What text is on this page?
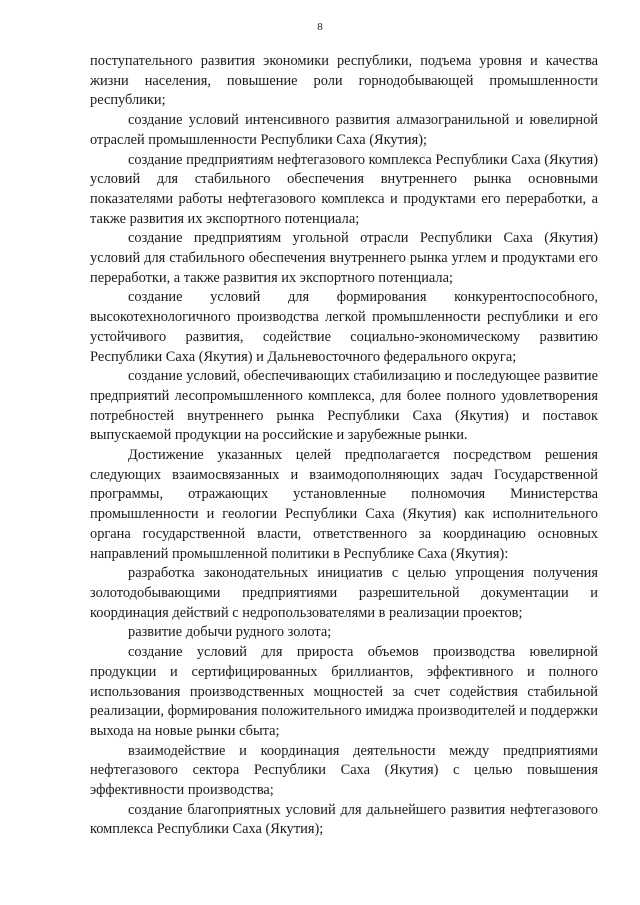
8

поступательного развития экономики республики, подъема уровня и качества жизни населения, повышение роли горнодобывающей промышленности республики;

создание условий интенсивного развития алмазогранильной и ювелирной отраслей промышленности Республики Саха (Якутия);

создание предприятиям нефтегазового комплекса Республики Саха (Якутия) условий для стабильного обеспечения внутреннего рынка основными показателями работы нефтегазового комплекса и продуктами его переработки, а также развития их экспортного потенциала;

создание предприятиям угольной отрасли Республики Саха (Якутия) условий для стабильного обеспечения внутреннего рынка углем и продуктами его переработки, а также развития их экспортного потенциала;

создание условий для формирования конкурентоспособного, высокотехнологичного производства легкой промышленности республики и его устойчивого развития, содействие социально-экономическому развитию Республики Саха (Якутия) и Дальневосточного федерального округа;

создание условий, обеспечивающих стабилизацию и последующее развитие предприятий лесопромышленного комплекса, для более полного удовлетворения потребностей внутреннего рынка Республики Саха (Якутия) и поставок выпускаемой продукции на российские и зарубежные рынки.

Достижение указанных целей предполагается посредством решения следующих взаимосвязанных и взаимодополняющих задач Государственной программы, отражающих установленные полномочия Министерства промышленности и геологии Республики Саха (Якутия) как исполнительного органа государственной власти, ответственного за координацию основных направлений промышленной политики в Республике Саха (Якутия):

разработка законодательных инициатив с целью упрощения получения золотодобывающими предприятиями разрешительной документации и координация действий с недропользователями в реализации проектов;

развитие добычи рудного золота;

создание условий для прироста объемов производства ювелирной продукции и сертифицированных бриллиантов, эффективного и полного использования производственных мощностей за счет содействия стабильной реализации, формирования положительного имиджа производителей и поддержки выхода на новые рынки сбыта;

взаимодействие и координация деятельности между предприятиями нефтегазового сектора Республики Саха (Якутия) с целью повышения эффективности производства;

создание благоприятных условий для дальнейшего развития нефтегазового комплекса Республики Саха (Якутия);
